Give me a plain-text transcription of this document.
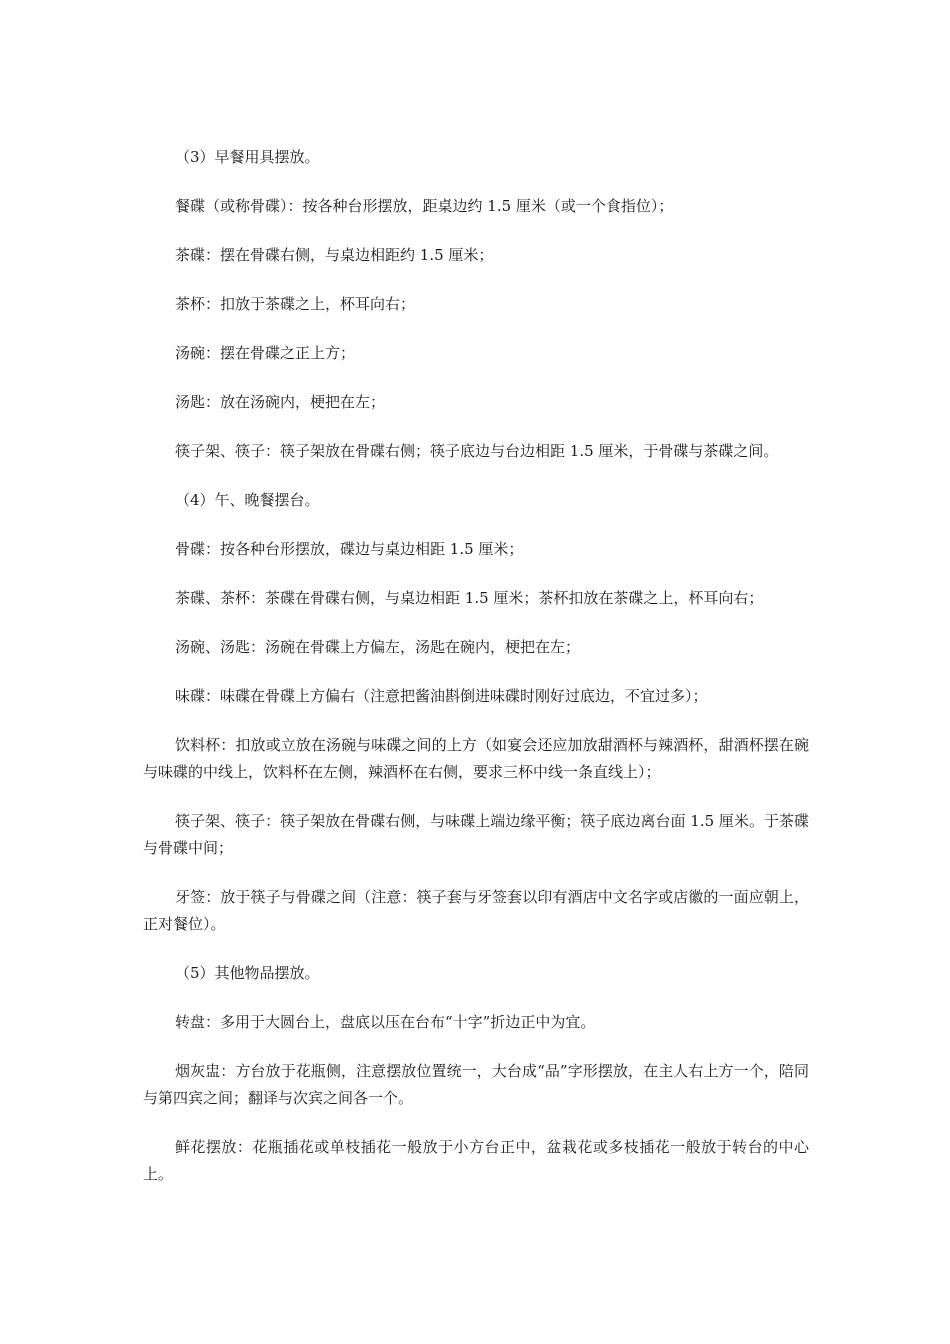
（3）早餐用具摆放。

餐碟（或称骨碟）：按各种台形摆放，距桌边约 1.5 厘米（或一个食指位）；

茶碟：摆在骨碟右侧，与桌边相距约 1.5 厘米；

茶杯：扣放于茶碟之上，杯耳向右；

汤碗：摆在骨碟之正上方；

汤匙：放在汤碗内，梗把在左；

筷子架、筷子：筷子架放在骨碟右侧；筷子底边与台边相距 1.5 厘米，于骨碟与茶碟之间。

（4）午、晚餐摆台。

骨碟：按各种台形摆放，碟边与桌边相距 1.5 厘米；

茶碟、茶杯：茶碟在骨碟右侧，与桌边相距 1.5 厘米；茶杯扣放在茶碟之上，杯耳向右；

汤碗、汤匙：汤碗在骨碟上方偏左，汤匙在碗内，梗把在左；

味碟：味碟在骨碟上方偏右（注意把酱油斟倒进味碟时刚好过底边，不宜过多）；

饮料杯：扣放或立放在汤碗与味碟之间的上方（如宴会还应加放甜酒杯与辣酒杯，甜酒杯摆在碗与味碟的中线上，饮料杯在左侧，辣酒杯在右侧，要求三杯中线一条直线上）；

筷子架、筷子：筷子架放在骨碟右侧，与味碟上端边缘平衡；筷子底边离台面 1.5 厘米。于茶碟与骨碟中间；

牙签：放于筷子与骨碟之间（注意：筷子套与牙签套以印有酒店中文名字或店徽的一面应朝上，正对餐位）。

（5）其他物品摆放。

转盘：多用于大圆台上，盘底以压在台布“十字”折边正中为宜。

烟灰盅：方台放于花瓶侧，注意摆放位置统一，大台成“品”字形摆放，在主人右上方一个，陪同与第四宾之间；翻译与次宾之间各一个。

鲜花摆放：花瓶插花或单枝插花一般放于小方台正中，盆栽花或多枝插花一般放于转台的中心上。
